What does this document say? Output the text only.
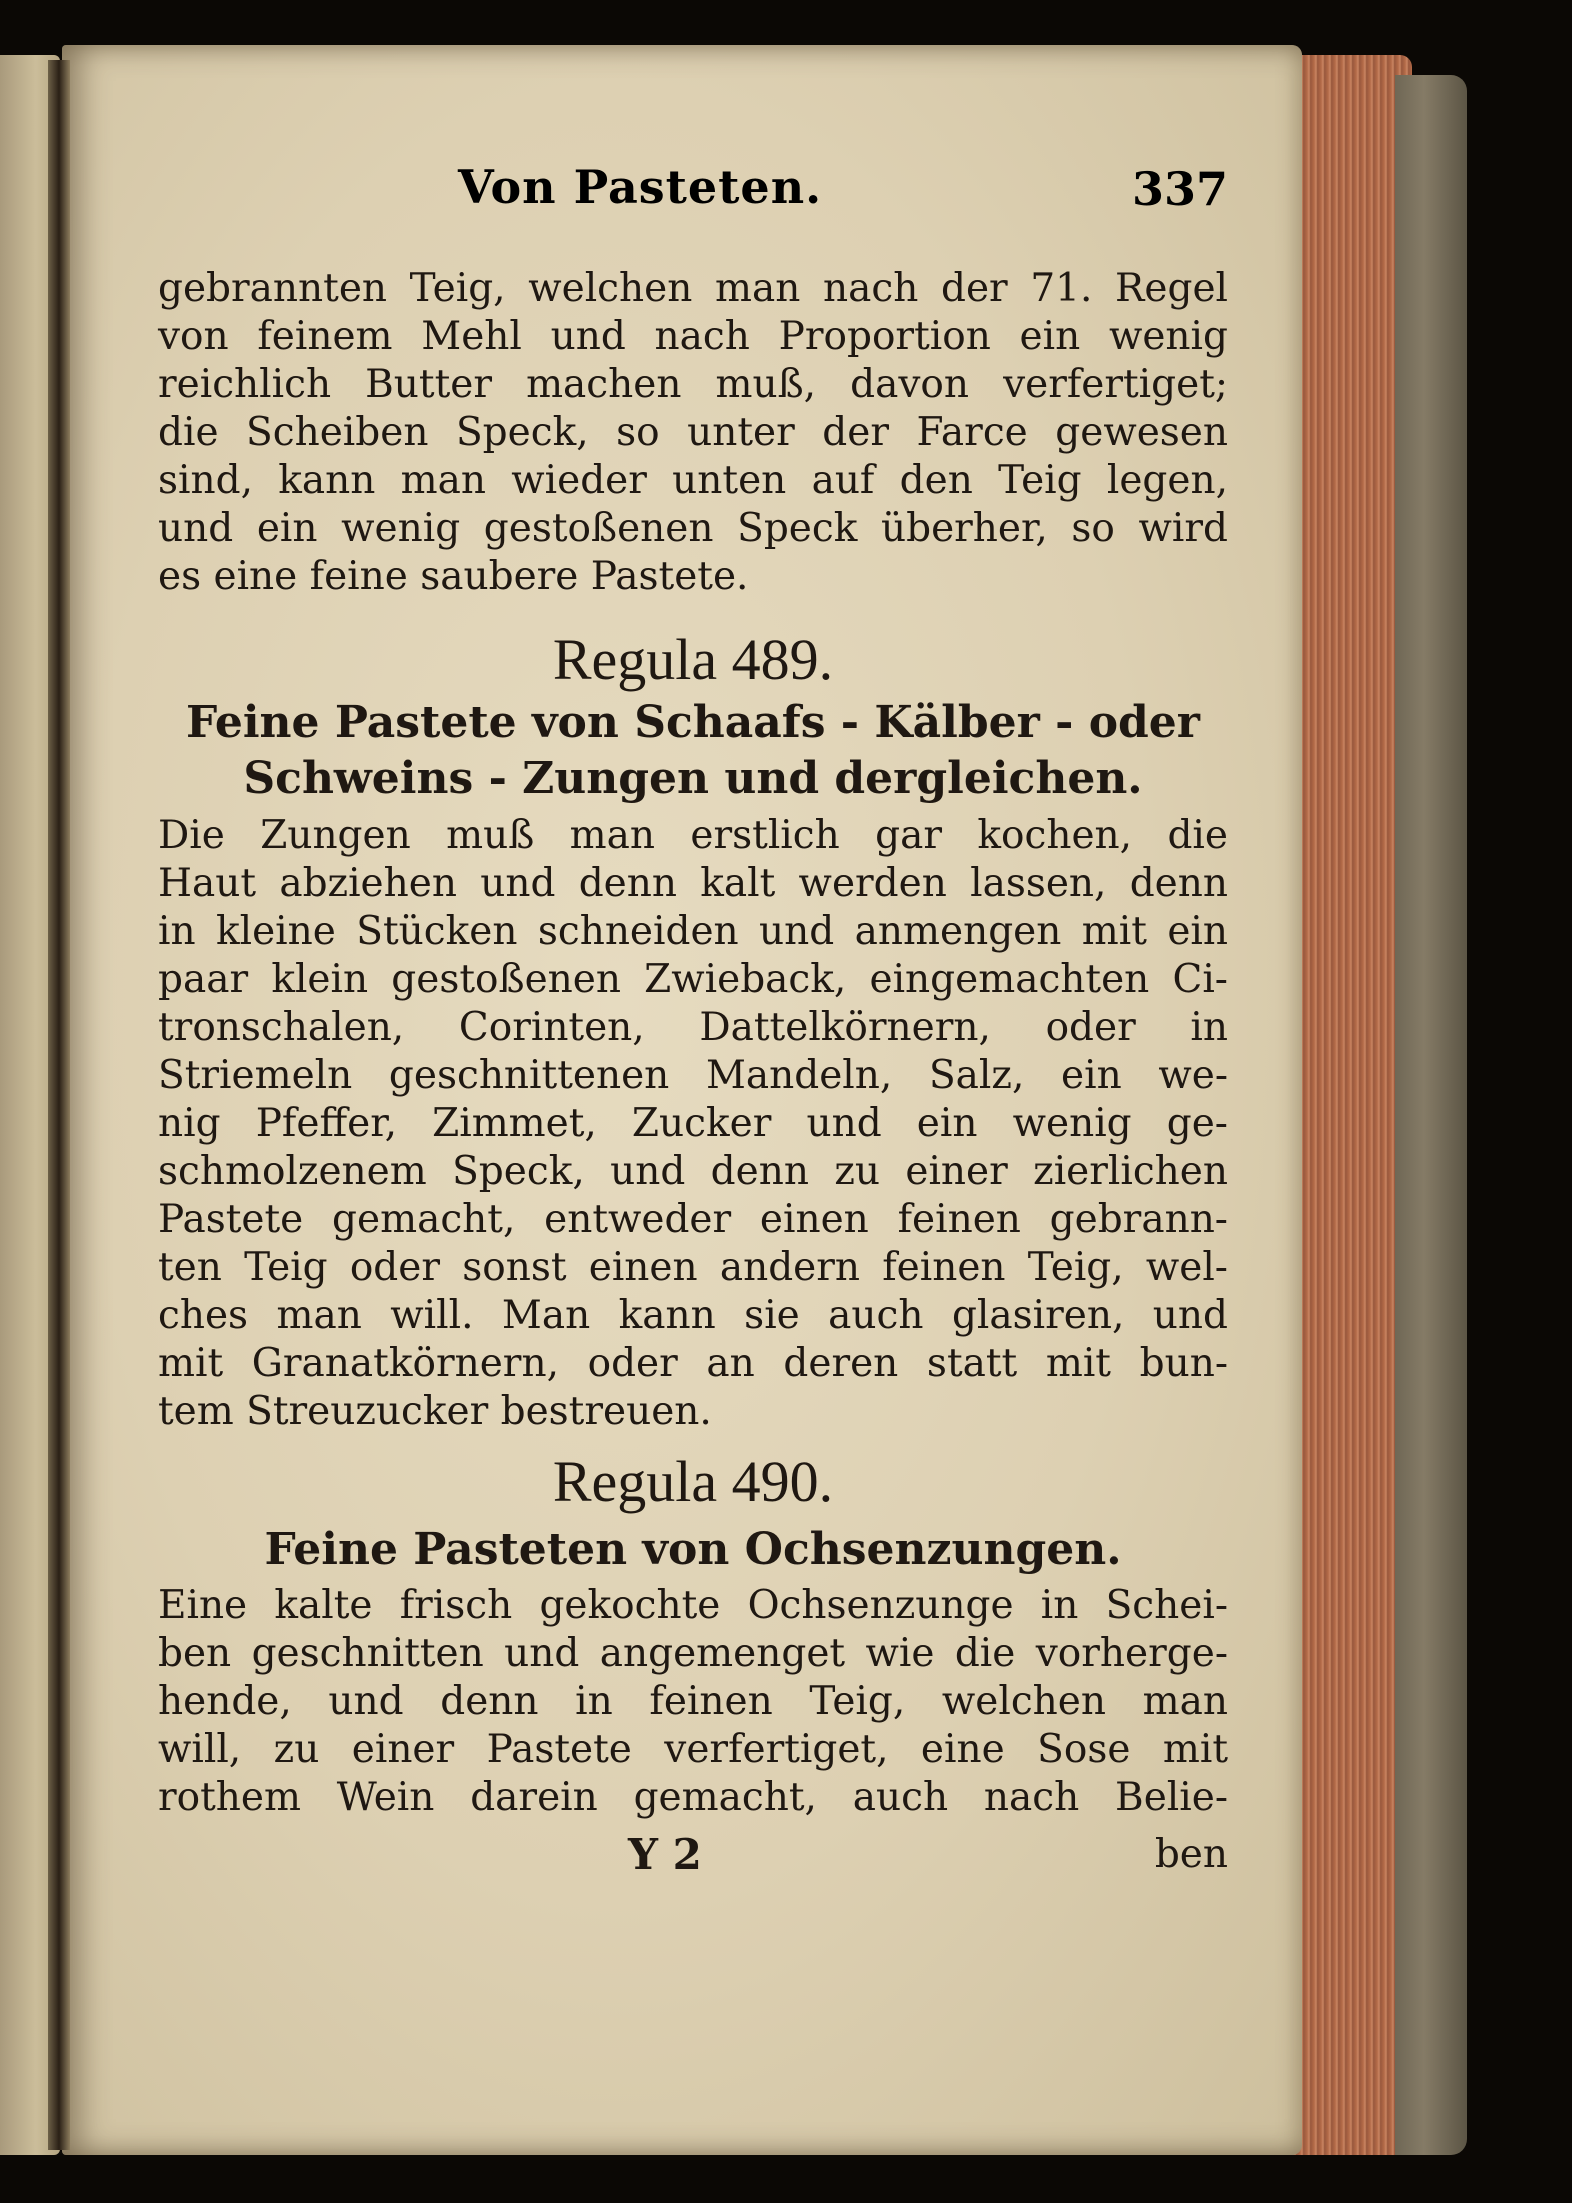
Von Pasteten.	337
gebrannten Teig, welchen man nach der 71. Regel
von feinem Mehl und nach Proportion ein wenig
reichlich Butter machen muß, davon verfertiget;
die Scheiben Speck, so unter der Farce gewesen
sind, kann man wieder unten auf den Teig legen,
und ein wenig gestoßenen Speck überher, so wird
es eine feine saubere Pastete.
Regula 489.
Feine Pastete von Schaafs - Kälber - oder
Schweins - Zungen und dergleichen.
Die Zungen muß man erstlich gar kochen, die
Haut abziehen und denn kalt werden lassen, denn
in kleine Stücken schneiden und anmengen mit ein
paar klein gestoßenen Zwieback, eingemachten Ci-
tronschalen, Corinten, Dattelkörnern, oder in
Striemeln geschnittenen Mandeln, Salz, ein we-
nig Pfeffer, Zimmet, Zucker und ein wenig ge-
schmolzenem Speck, und denn zu einer zierlichen
Pastete gemacht, entweder einen feinen gebrann-
ten Teig oder sonst einen andern feinen Teig, wel-
ches man will. Man kann sie auch glasiren, und
mit Granatkörnern, oder an deren statt mit bun-
tem Streuzucker bestreuen.
Regula 490.
Feine Pasteten von Ochsenzungen.
Eine kalte frisch gekochte Ochsenzunge in Schei-
ben geschnitten und angemenget wie die vorherge-
hende, und denn in feinen Teig, welchen man
will, zu einer Pastete verfertiget, eine Sose mit
rothem Wein darein gemacht, auch nach Belie-
Y 2	ben
